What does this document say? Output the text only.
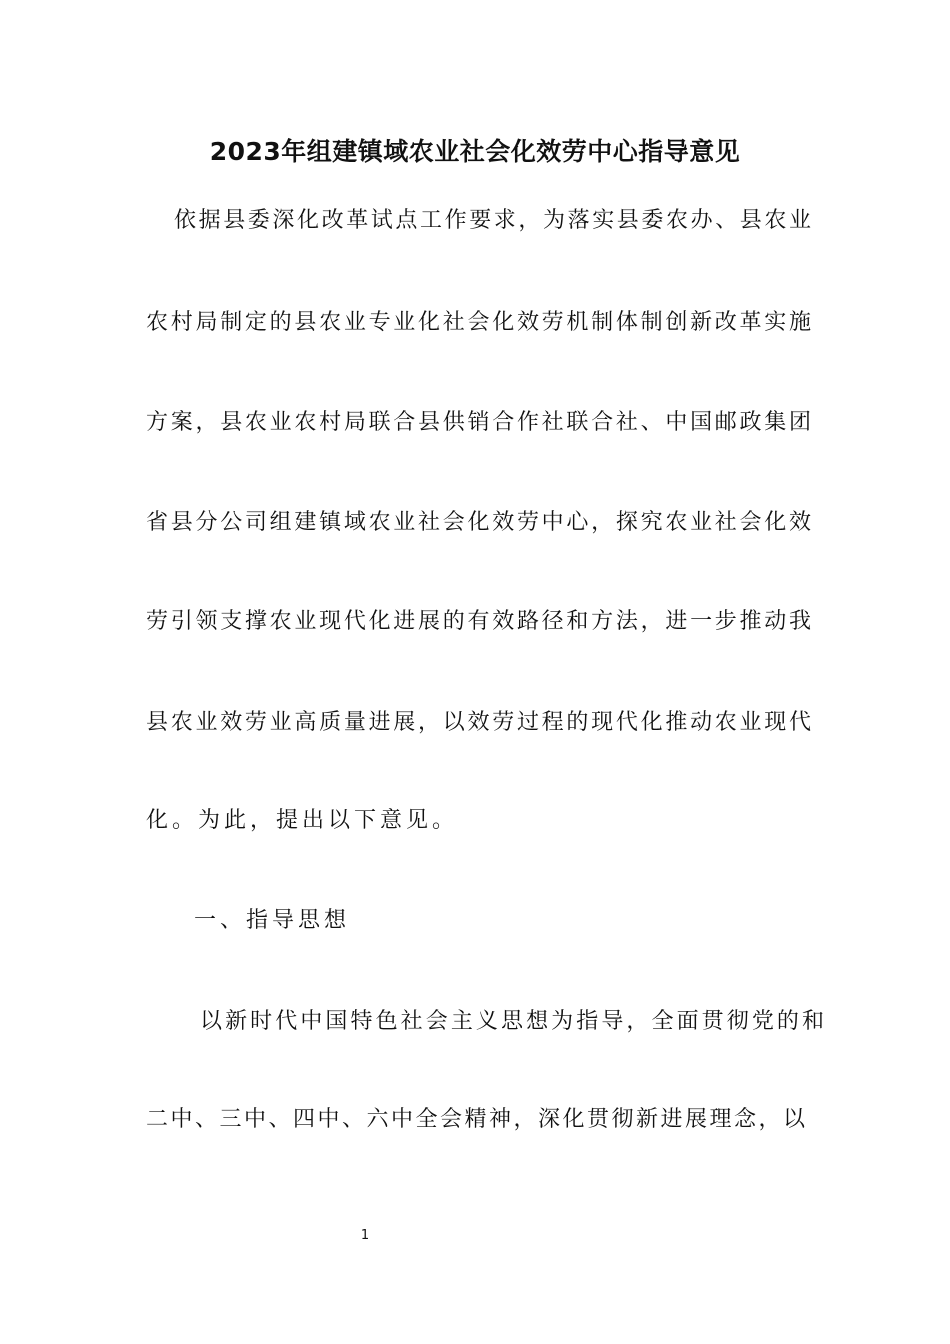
2023年组建镇域农业社会化效劳中心指导意见

依据县委深化改革试点工作要求，为落实县委农办、县农业

农村局制定的县农业专业化社会化效劳机制体制创新改革实施

方案，县农业农村局联合县供销合作社联合社、中国邮政集团

省县分公司组建镇域农业社会化效劳中心，探究农业社会化效

劳引领支撑农业现代化进展的有效路径和方法，进一步推动我

县农业效劳业高质量进展，以效劳过程的现代化推动农业现代

化。为此，提出以下意见。

一、指导思想

以新时代中国特色社会主义思想为指导，全面贯彻党的和

二中、三中、四中、六中全会精神，深化贯彻新进展理念，以

1
